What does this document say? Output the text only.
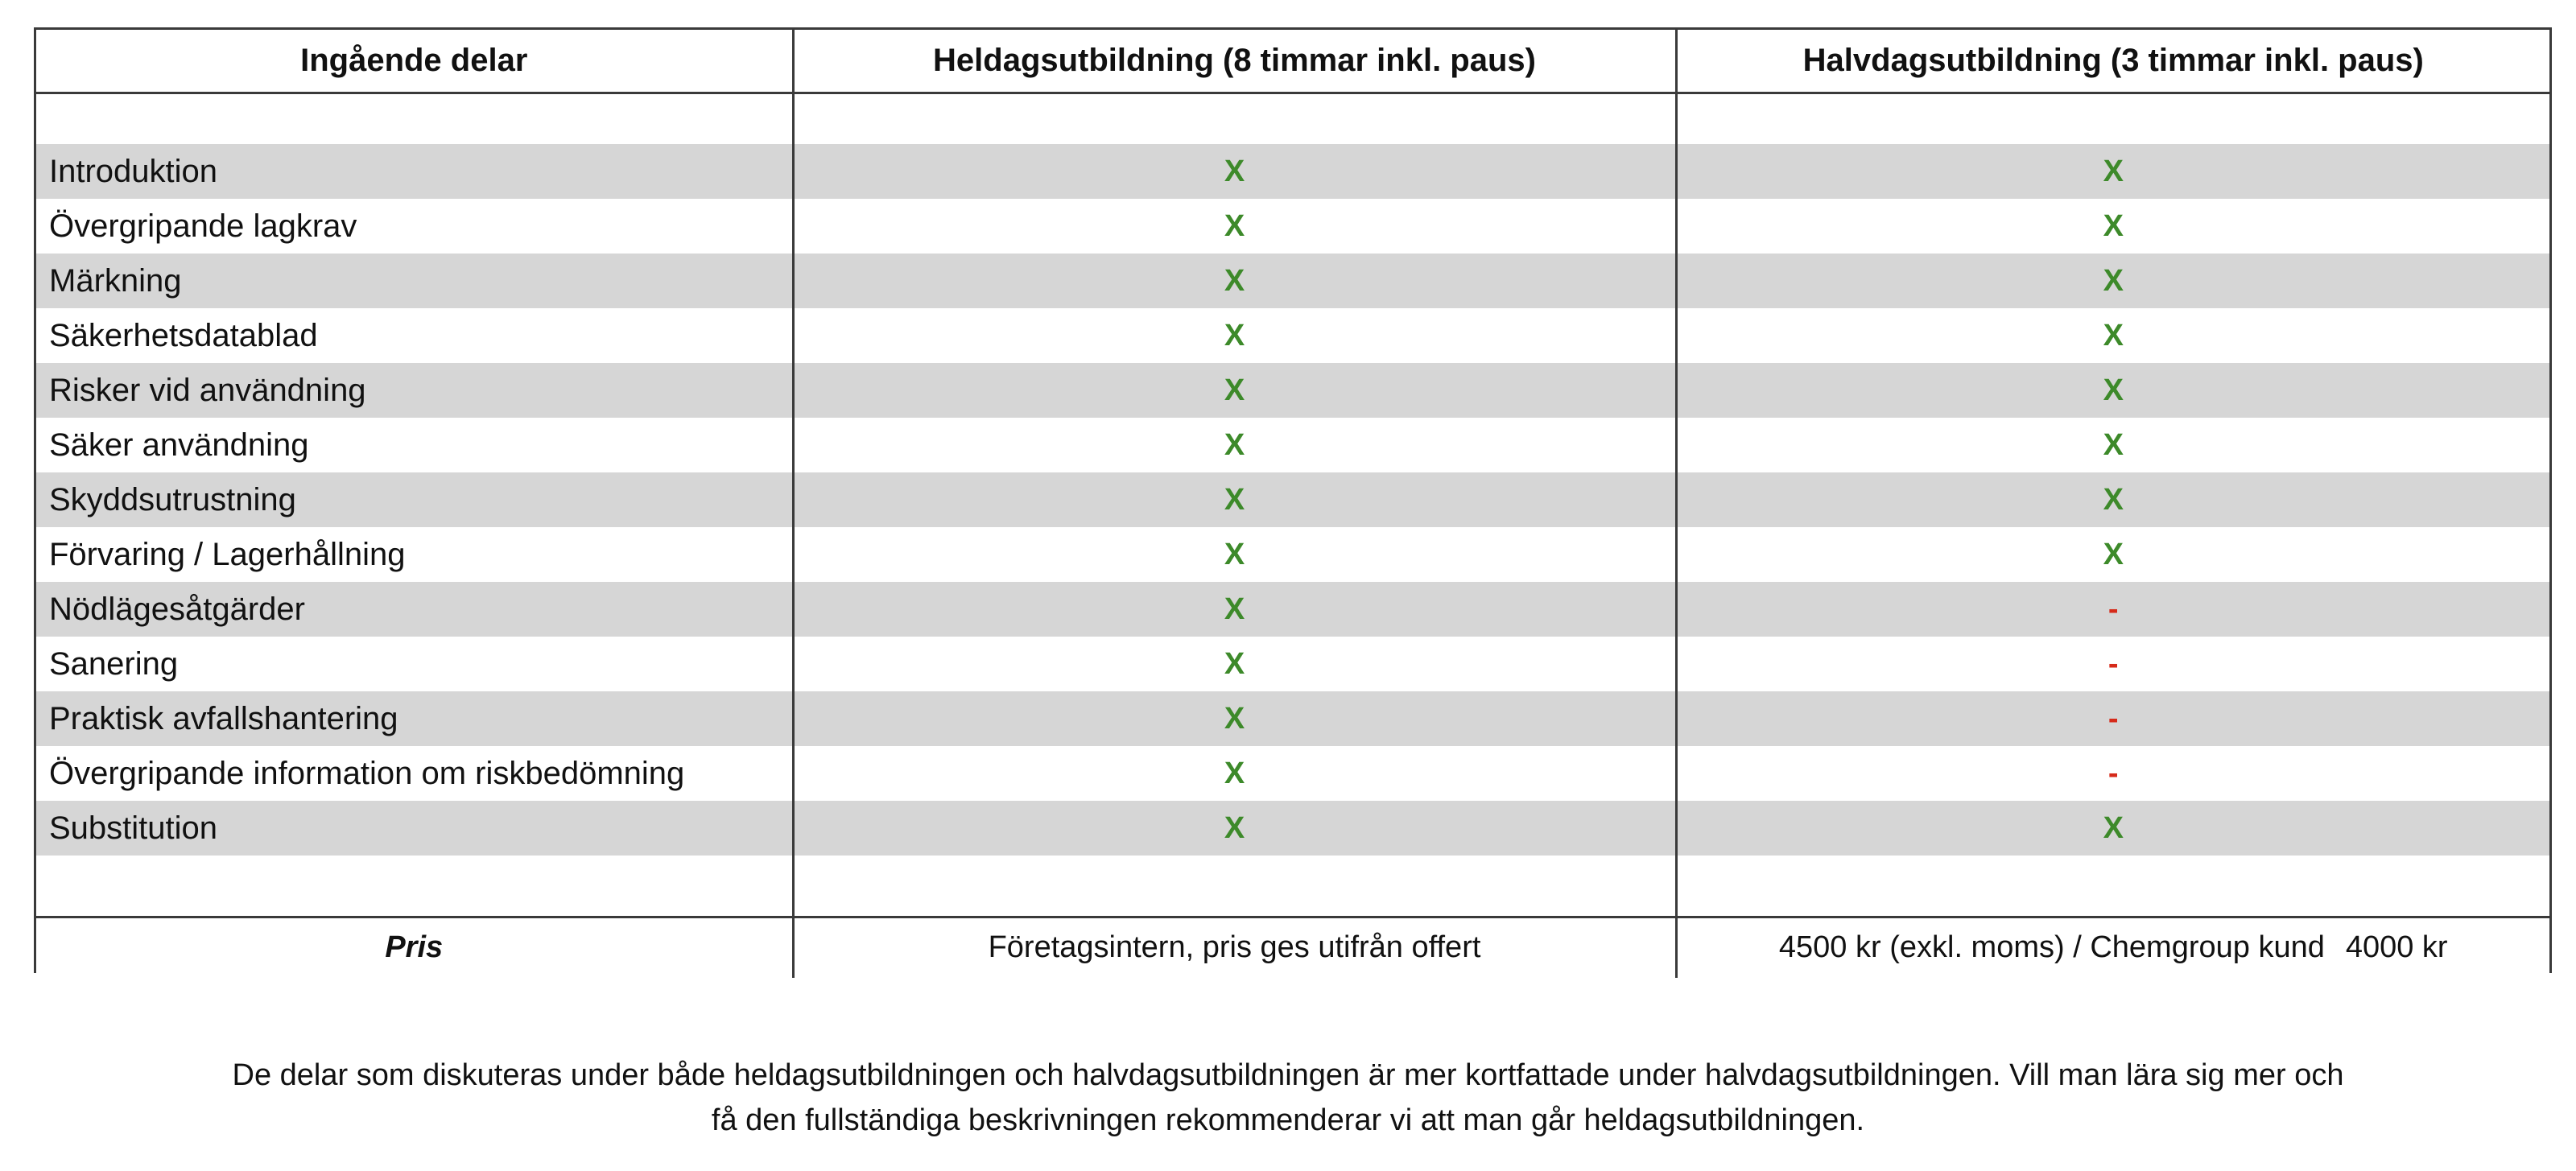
Ingående delar	Heldagsutbildning (8 timmar inkl. paus)	Halvdagsutbildning (3 timmar inkl. paus)

Introduktion	X	X
Övergripande lagkrav	X	X
Märkning	X	X
Säkerhetsdatablad	X	X
Risker vid användning	X	X
Säker användning	X	X
Skyddsutrustning	X	X
Förvaring / Lagerhållning	X	X
Nödlägesåtgärder	X	-
Sanering	X	-
Praktisk avfallshantering	X	-
Övergripande information om riskbedömning	X	-
Substitution	X	X

Pris	Företagsintern, pris ges utifrån offert	4500 kr (exkl. moms) / Chemgroup kund 4000 kr
De delar som diskuteras under både heldagsutbildningen och halvdagsutbildningen är mer kortfattade under halvdagsutbildningen. Vill man lära sig mer och
få den fullständiga beskrivningen rekommenderar vi att man går heldagsutbildningen.
